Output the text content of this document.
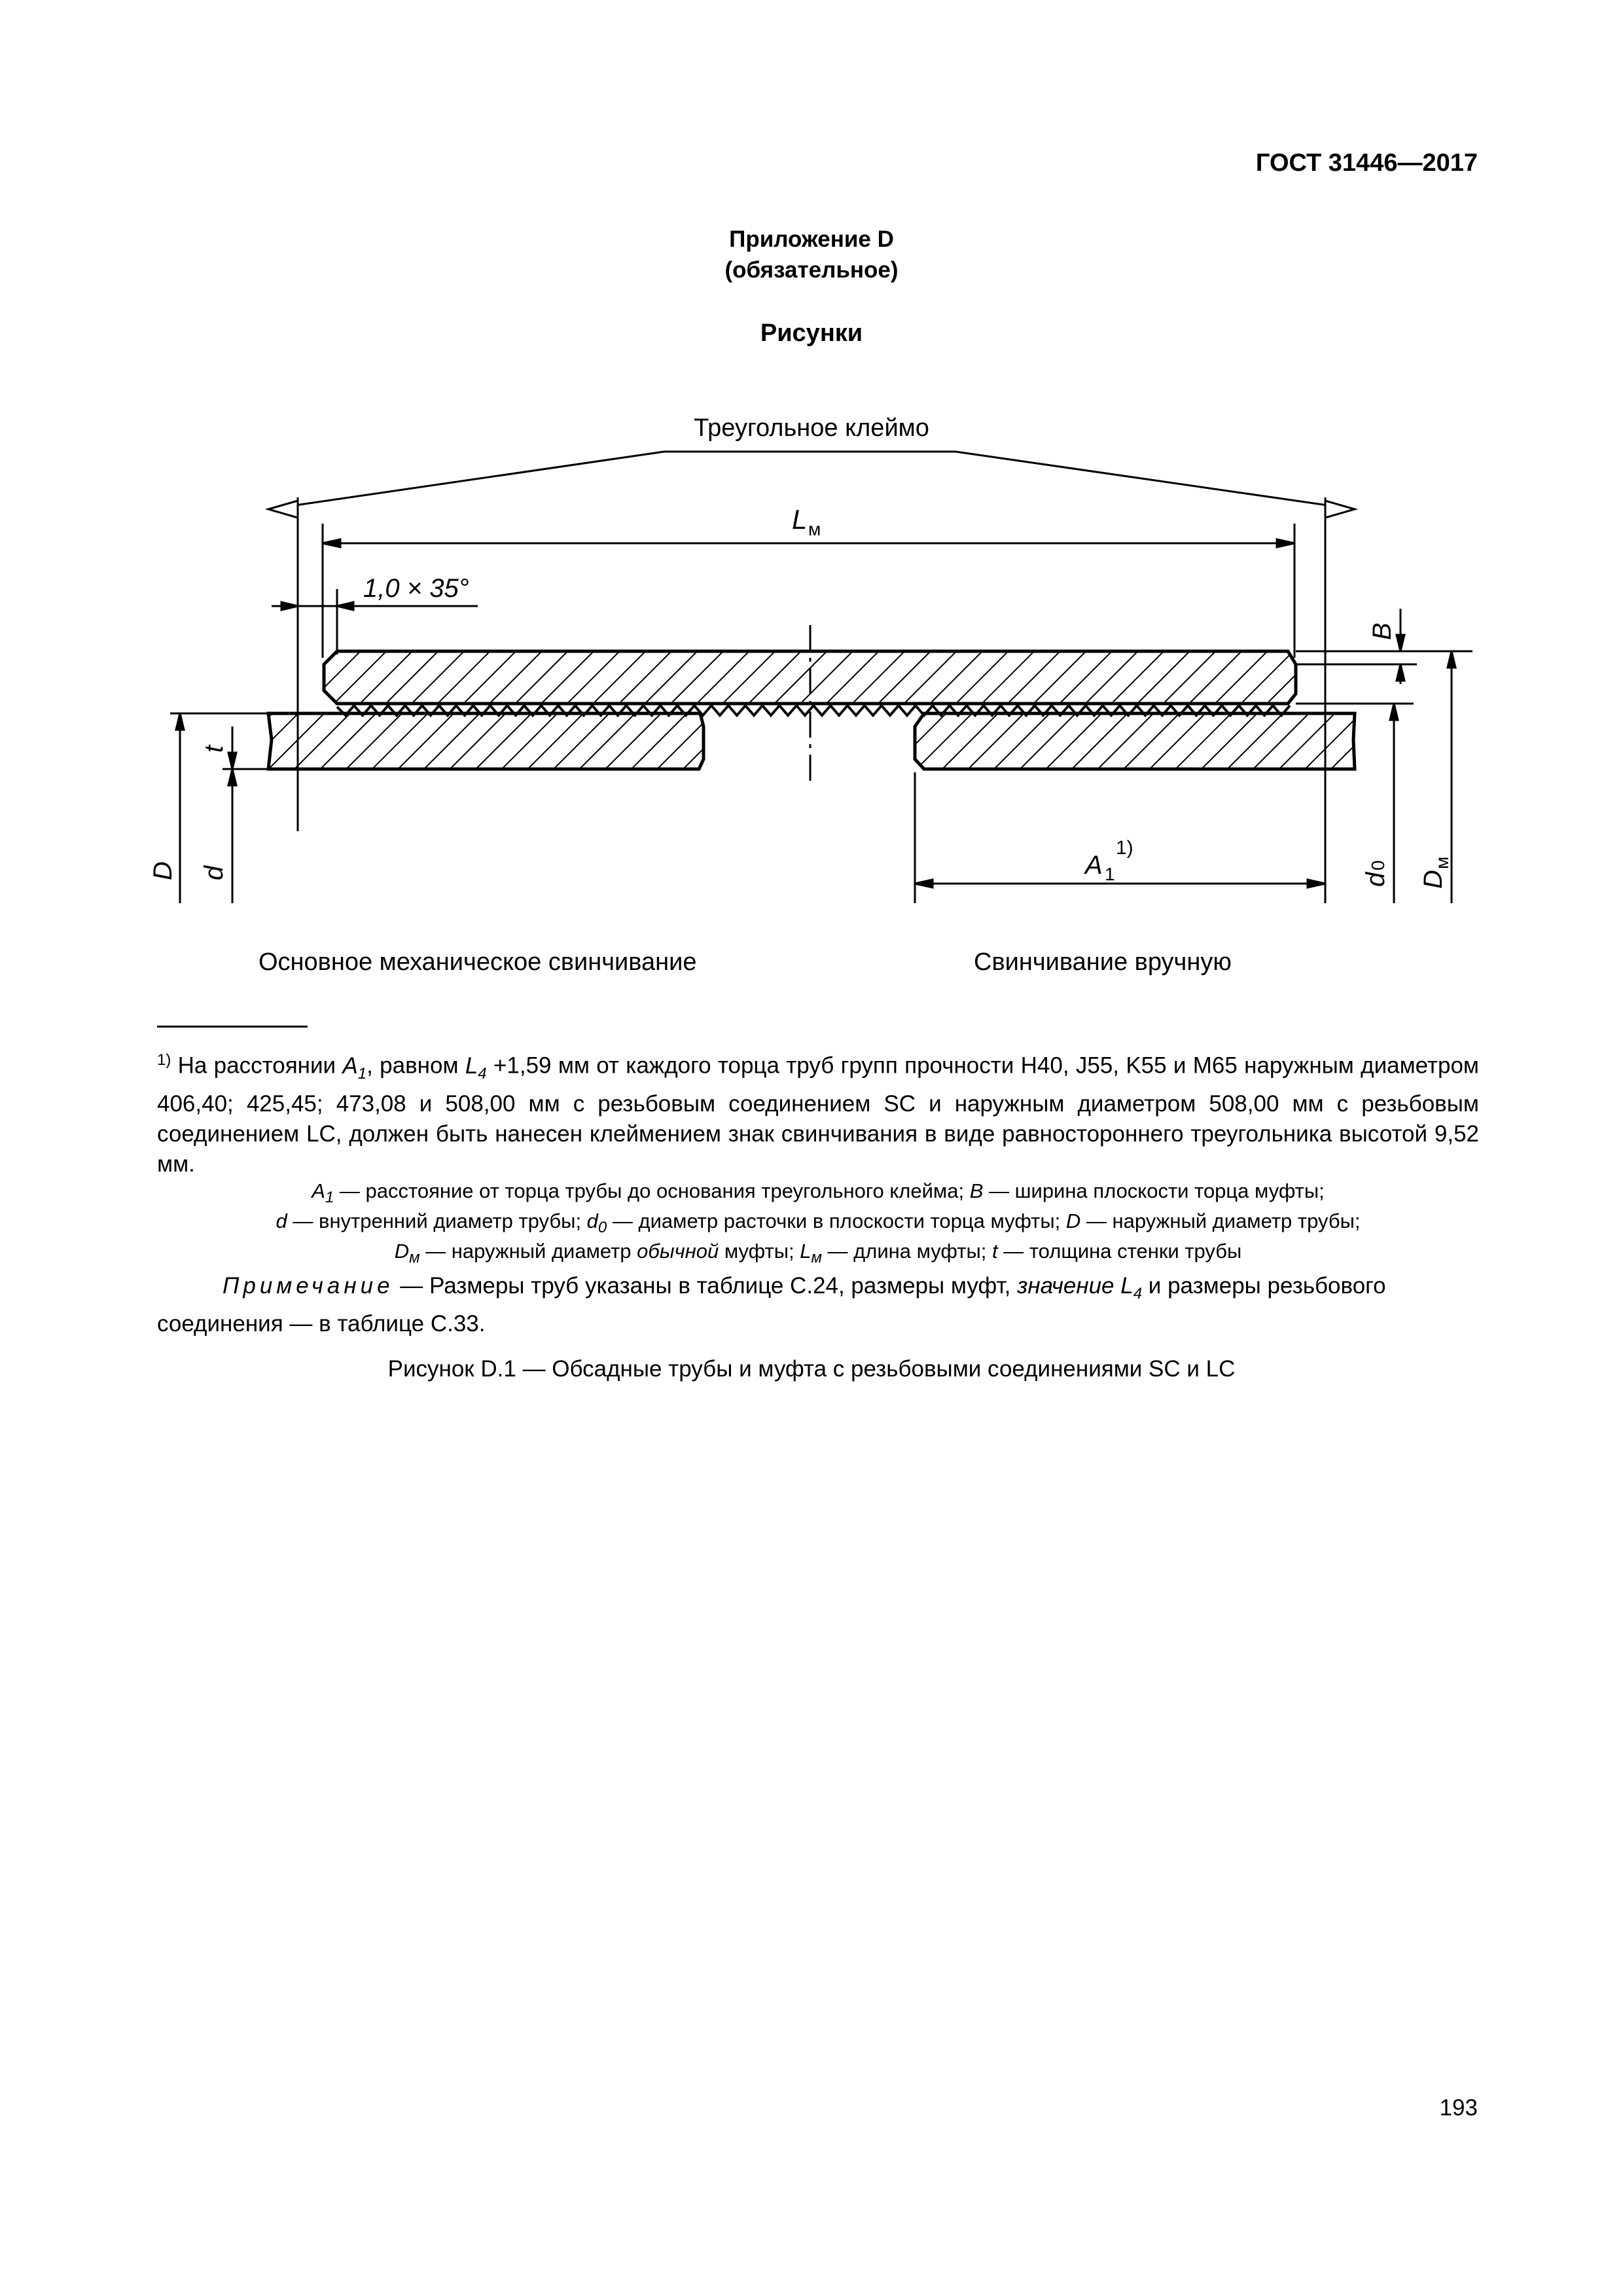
ГОСТ 31446—2017
Приложение D
(обязательное)
Рисунки
Треугольное клеймо
L м
1,0 × 35°
B
t
D d	A 1
1)
d
0
D
м
Основное механическое свинчивание	Свинчивание вручную
$^{1)}$ На расстоянии $A_1$, равном $L_4 +1,59$ мм от каждого торца труб групп прочности H40, J55, K55 и M65 наружным диаметром 406,40; 425,45; 473,08 и 508,00 мм с резьбовым соединением SC и наружным диаметром 508,00 мм с резьбовым соединением LC, должен быть нанесен клеймением знак свинчивания в виде равностороннего треугольника высотой 9,52 мм.
$A_1$ — расстояние от торца трубы до основания треугольного клейма; B — ширина плоскости торца муфты;
d — внутренний диаметр трубы; $d_0$ — диаметр расточки в плоскости торца муфты; D — наружный диаметр трубы;
$D_м$ — наружный диаметр обычной муфты; $L_м$ — длина муфты; t — толщина стенки трубы
Примечание — Размеры труб указаны в таблице С.24, размеры муфт, значение $L_4$ и размеры резьбового соединения — в таблице С.33.
Рисунок D.1 — Обсадные трубы и муфта с резьбовыми соединениями SC и LC
193
